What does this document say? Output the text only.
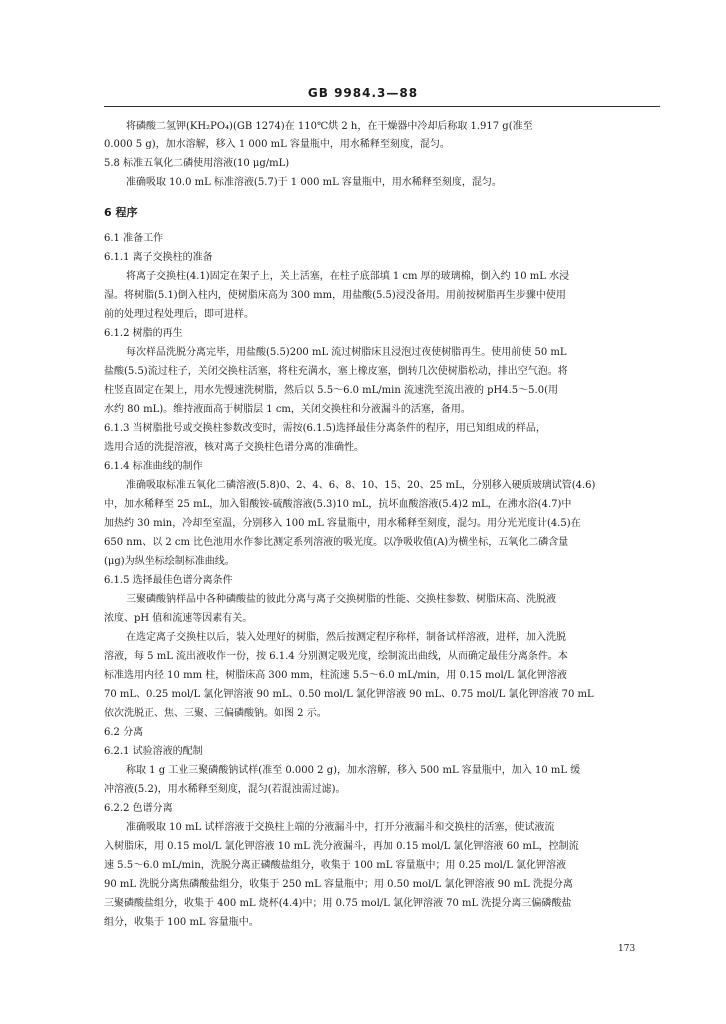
GB 9984.3—88
将磷酸二氢钾(KH₂PO₄)(GB 1274)在 110℃烘 2 h，在干燥器中冷却后称取 1.917 g(准至
0.000 5 g)，加水溶解，移入 1 000 mL 容量瓶中，用水稀释至刻度，混匀。
5.8 标准五氧化二磷使用溶液(10 μg/mL)
准确吸取 10.0 mL 标准溶液(5.7)于 1 000 mL 容量瓶中，用水稀释至刻度，混匀。
6 程序
6.1 准备工作
6.1.1 离子交换柱的准备
将离子交换柱(4.1)固定在架子上，关上活塞，在柱子底部填 1 cm 厚的玻璃棉，倒入约 10 mL 水浸
湿。将树脂(5.1)倒入柱内，使树脂床高为 300 mm，用盐酸(5.5)浸没备用。用前按树脂再生步骤中使用
前的处理过程处理后，即可进样。
6.1.2 树脂的再生
每次样品洗脱分离完毕，用盐酸(5.5)200 mL 流过树脂床且浸泡过夜使树脂再生。使用前使 50 mL
盐酸(5.5)流过柱子，关闭交换柱活塞，将柱充满水，塞上橡皮塞，倒转几次使树脂松动，排出空气泡。将
柱竖直固定在架上，用水先慢速洗树脂，然后以 5.5～6.0 mL/min 流速洗至流出液的 pH4.5～5.0(用
水约 80 mL)。维持液面高于树脂层 1 cm，关闭交换柱和分液漏斗的活塞，备用。
6.1.3 当树脂批号或交换柱参数改变时，需按(6.1.5)选择最佳分离条件的程序，用已知组成的样品，
选用合适的洗提溶液，核对离子交换柱色谱分离的准确性。
6.1.4 标准曲线的制作
准确吸取标准五氧化二磷溶液(5.8)0、2、4、6、8、10、15、20、25 mL，分别移入硬质玻璃试管(4.6)
中，加水稀释至 25 mL，加入钼酸铵-硫酸溶液(5.3)10 mL，抗坏血酸溶液(5.4)2 mL，在沸水浴(4.7)中
加热约 30 min，冷却至室温，分别移入 100 mL 容量瓶中，用水稀释至刻度，混匀。用分光光度计(4.5)在
650 nm、以 2 cm 比色池用水作参比测定系列溶液的吸光度。以净吸收值(A)为横坐标，五氧化二磷含量
(μg)为纵坐标绘制标准曲线。
6.1.5 选择最佳色谱分离条件
三聚磷酸钠样品中各种磷酸盐的彼此分离与离子交换树脂的性能、交换柱参数、树脂床高、洗脱液
浓度、pH 值和流速等因素有关。
在选定离子交换柱以后，装入处理好的树脂，然后按测定程序称样，制备试样溶液，进样，加入洗脱
溶液，每 5 mL 流出液收作一份，按 6.1.4 分别测定吸光度，绘制流出曲线，从而确定最佳分离条件。本
标准选用内径 10 mm 柱，树脂床高 300 mm，柱流速 5.5～6.0 mL/min，用 0.15 mol/L 氯化钾溶液
70 mL、0.25 mol/L 氯化钾溶液 90 mL、0.50 mol/L 氯化钾溶液 90 mL、0.75 mol/L 氯化钾溶液 70 mL
依次洗脱正、焦、三聚、三偏磷酸钠。如图 2 示。
6.2 分离
6.2.1 试验溶液的配制
称取 1 g 工业三聚磷酸钠试样(准至 0.000 2 g)，加水溶解，移入 500 mL 容量瓶中，加入 10 mL 缓
冲溶液(5.2)，用水稀释至刻度，混匀(若混浊需过滤)。
6.2.2 色谱分离
准确吸取 10 mL 试样溶液于交换柱上端的分液漏斗中，打开分液漏斗和交换柱的活塞，使试液流
入树脂床，用 0.15 mol/L 氯化钾溶液 10 mL 洗分液漏斗，再加 0.15 mol/L 氯化钾溶液 60 mL，控制流
速 5.5～6.0 mL/min，洗脱分离正磷酸盐组分，收集于 100 mL 容量瓶中；用 0.25 mol/L 氯化钾溶液
90 mL 洗脱分离焦磷酸盐组分，收集于 250 mL 容量瓶中；用 0.50 mol/L 氯化钾溶液 90 mL 洗提分离
三聚磷酸盐组分，收集于 400 mL 烧杯(4.4)中；用 0.75 mol/L 氯化钾溶液 70 mL 洗提分离三偏磷酸盐
组分，收集于 100 mL 容量瓶中。
173
